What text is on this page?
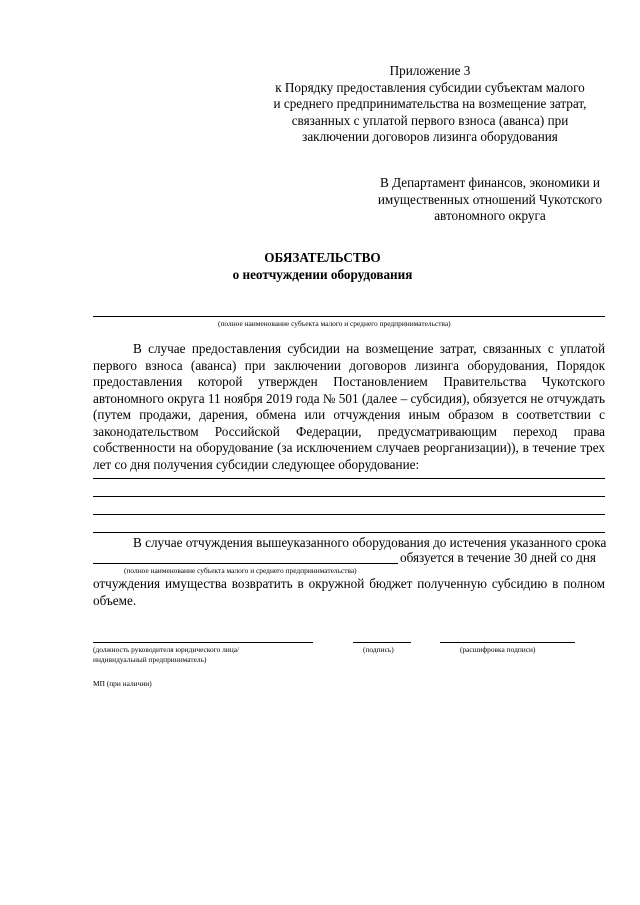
Приложение 3
к Порядку предоставления субсидии субъектам малого
и среднего предпринимательства на возмещение затрат,
связанных с уплатой первого взноса (аванса) при
заключении договоров лизинга оборудования
В Департамент финансов, экономики и
имущественных отношений Чукотского
автономного округа
ОБЯЗАТЕЛЬСТВО
о неотчуждении оборудования
(полное наименование субъекта малого и среднего предпринимательства)
В случае предоставления субсидии на возмещение затрат, связанных с уплатой первого взноса (аванса) при заключении договоров лизинга оборудования, Порядок предоставления которой утвержден Постановлением Правительства Чукотского автономного округа 11 ноября 2019 года № 501 (далее – субсидия), обязуется не отчуждать (путем продажи, дарения, обмена или отчуждения иным образом в соответствии с законодательством Российской Федерации, предусматривающим переход права собственности на оборудование (за исключением случаев реорганизации)), в течение трех лет со дня получения субсидии следующее оборудование:
В случае отчуждения вышеуказанного оборудования до истечения указанного срока
обязуется в течение 30 дней со дня
(полное наименование субъекта малого и среднего предпринимательства)
отчуждения имущества возвратить в окружной бюджет полученную субсидию в полном объеме.
(должность руководителя юридического лица/
индивидуальный предприниматель)
(подпись)	(расшифровка подписи)
МП (при наличии)
